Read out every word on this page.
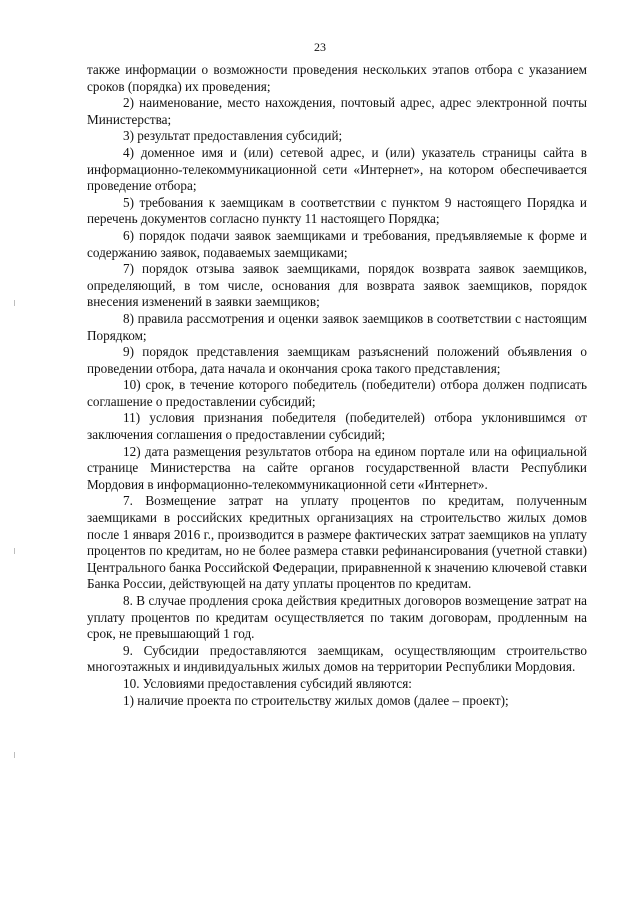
23

также информации о возможности проведения нескольких этапов отбора с указанием сроков (порядка) их проведения;

2) наименование, место нахождения, почтовый адрес, адрес электронной почты Министерства;

3) результат предоставления субсидий;

4) доменное имя и (или) сетевой адрес, и (или) указатель страницы сайта в информационно-телекоммуникационной сети «Интернет», на котором обеспечивается проведение отбора;

5) требования к заемщикам в соответствии с пунктом 9 настоящего Порядка и перечень документов согласно пункту 11 настоящего Порядка;

6) порядок подачи заявок заемщиками и требования, предъявляемые к форме и содержанию заявок, подаваемых заемщиками;

7) порядок отзыва заявок заемщиками, порядок возврата заявок заемщиков, определяющий, в том числе, основания для возврата заявок заемщиков, порядок внесения изменений в заявки заемщиков;

8) правила рассмотрения и оценки заявок заемщиков в соответствии с настоящим Порядком;

9) порядок представления заемщикам разъяснений положений объявления о проведении отбора, дата начала и окончания срока такого представления;

10) срок, в течение которого победитель (победители) отбора должен подписать соглашение о предоставлении субсидий;

11) условия признания победителя (победителей) отбора уклонившимся от заключения соглашения о предоставлении субсидий;

12) дата размещения результатов отбора на едином портале или на официальной странице Министерства на сайте органов государственной власти Республики Мордовия в информационно-телекоммуникационной сети «Интернет».

7. Возмещение затрат на уплату процентов по кредитам, полученным заемщиками в российских кредитных организациях на строительство жилых домов после 1 января 2016 г., производится в размере фактических затрат заемщиков на уплату процентов по кредитам, но не более размера ставки рефинансирования (учетной ставки) Центрального банка Российской Федерации, приравненной к значению ключевой ставки Банка России, действующей на дату уплаты процентов по кредитам.

8. В случае продления срока действия кредитных договоров возмещение затрат на уплату процентов по кредитам осуществляется по таким договорам, продленным на срок, не превышающий 1 год.

9. Субсидии предоставляются заемщикам, осуществляющим строительство многоэтажных и индивидуальных жилых домов на территории Республики Мордовия.

10. Условиями предоставления субсидий являются:

1) наличие проекта по строительству жилых домов (далее – проект);
